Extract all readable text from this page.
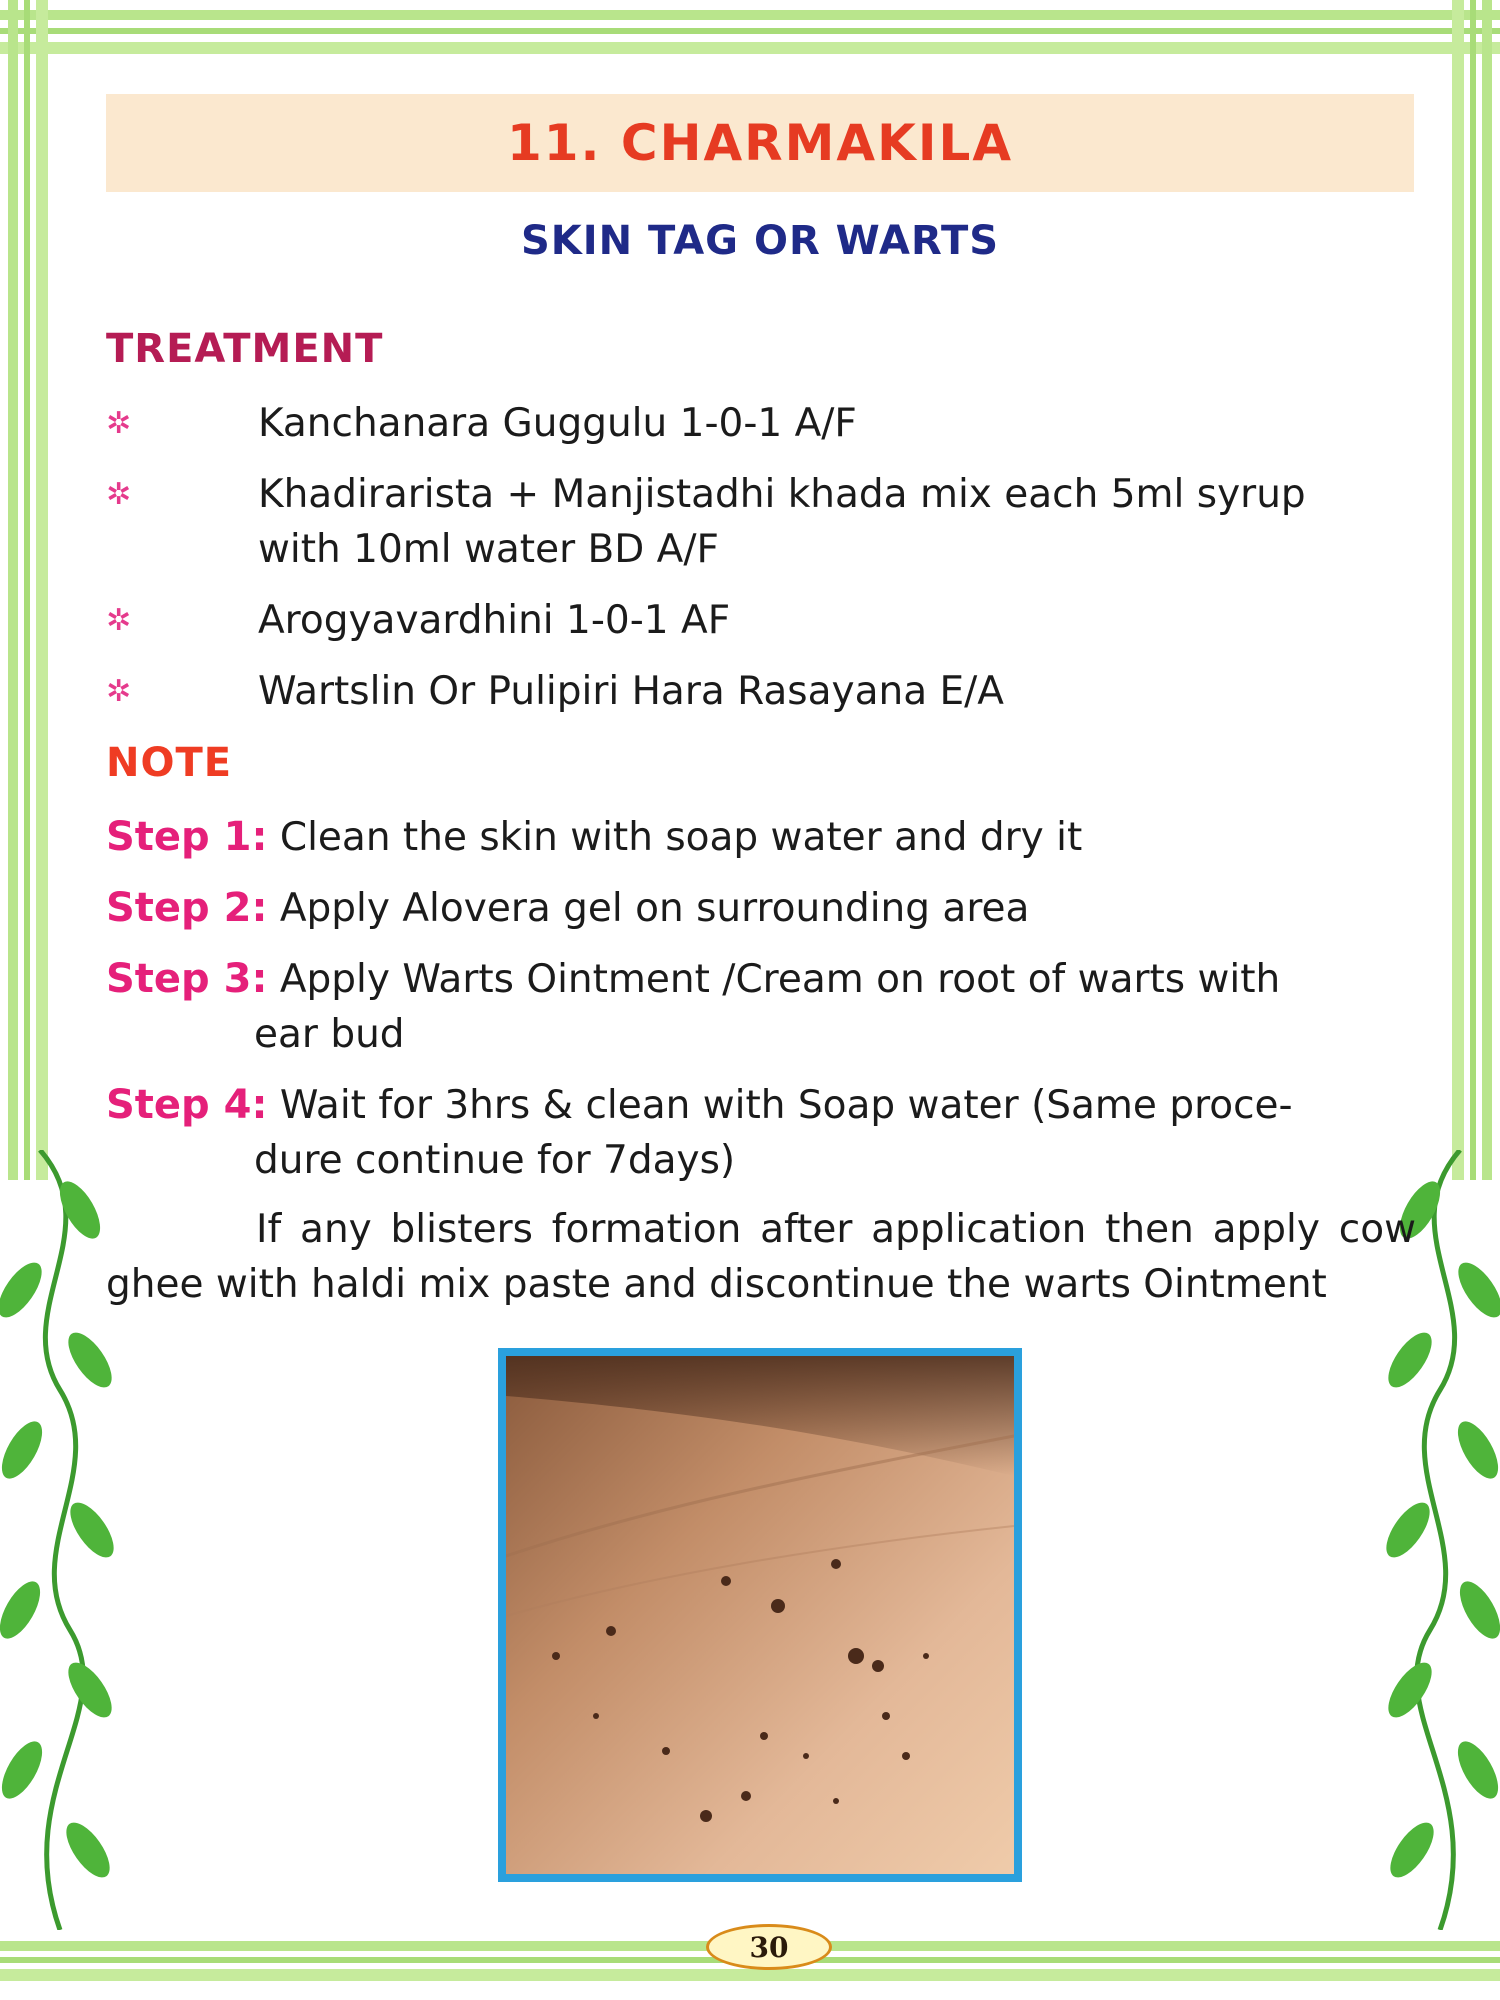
11. CHARMAKILA
SKIN TAG OR WARTS
TREATMENT
✲	Kanchanara Guggulu 1-0-1 A/F
✲	Khadirarista + Manjistadhi khada mix each 5ml syrup
with 10ml water BD A/F
✲	Arogyavardhini 1-0-1 AF
✲	Wartslin Or Pulipiri Hara Rasayana E/A
NOTE
Step 1: Clean the skin with soap water and dry it
Step 2: Apply Alovera gel on surrounding area
Step 3: Apply Warts Ointment /Cream on root of warts with
ear bud
Step 4: Wait for 3hrs & clean with Soap water (Same proce-
dure continue for 7days)

If any blisters formation after application then apply cow ghee with haldi mix paste and discontinue the warts Ointment

30
